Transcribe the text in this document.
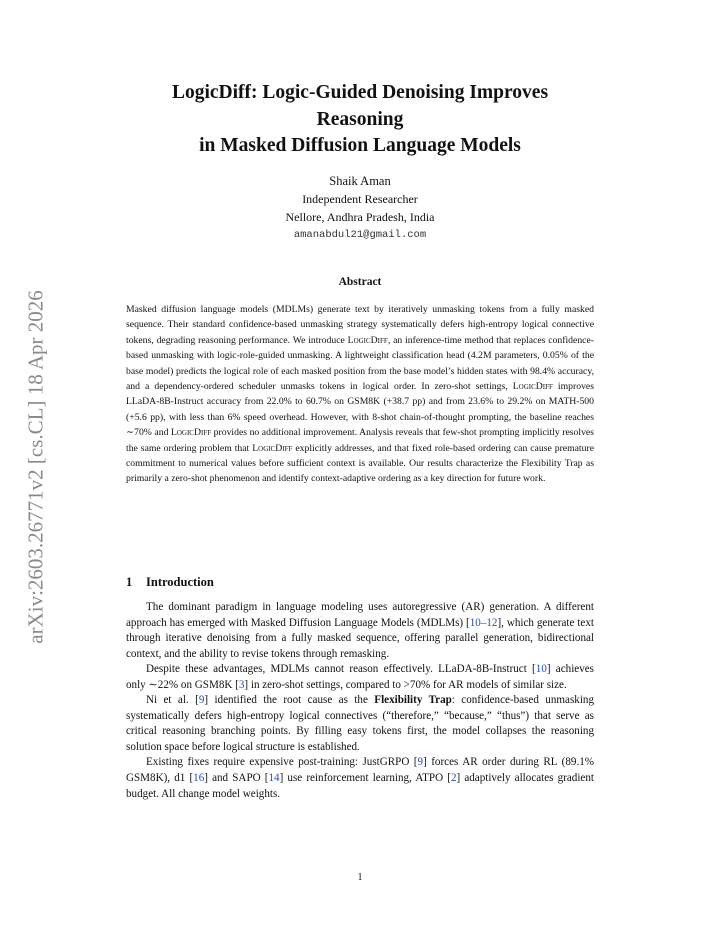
arXiv:2603.26771v2 [cs.CL] 18 Apr 2026
LogicDiff: Logic-Guided Denoising Improves
Reasoning
in Masked Diffusion Language Models
Shaik Aman
Independent Researcher
Nellore, Andhra Pradesh, India
amanabdul21@gmail.com
Abstract

Masked diffusion language models (MDLMs) generate text by iteratively unmasking tokens from a fully masked sequence. Their standard confidence-based unmasking strategy systematically defers high-entropy logical connective tokens, degrading reasoning performance. We introduce LogicDiff, an inference-time method that replaces confidence-based unmasking with logic-role-guided unmasking. A lightweight classification head (4.2M parameters, 0.05% of the base model) predicts the logical role of each masked position from the base model’s hidden states with 98.4% accuracy, and a dependency-ordered scheduler unmasks tokens in logical order. In zero-shot settings, LogicDiff improves LLaDA-8B-Instruct accuracy from 22.0% to 60.7% on GSM8K (+38.7 pp) and from 23.6% to 29.2% on MATH-500 (+5.6 pp), with less than 6% speed overhead. However, with 8-shot chain-of-thought prompting, the baseline reaches ∼70% and LogicDiff provides no additional improvement. Analysis reveals that few-shot prompting implicitly resolves the same ordering problem that LogicDiff explicitly addresses, and that fixed role-based ordering can cause premature commitment to numerical values before sufficient context is available. Our results characterize the Flexibility Trap as primarily a zero-shot phenomenon and identify context-adaptive ordering as a key direction for future work.

1 Introduction

The dominant paradigm in language modeling uses autoregressive (AR) generation. A different approach has emerged with Masked Diffusion Language Models (MDLMs) [10–12], which generate text through iterative denoising from a fully masked sequence, offering parallel generation, bidirectional context, and the ability to revise tokens through remasking.

Despite these advantages, MDLMs cannot reason effectively. LLaDA-8B-Instruct [10] achieves only ∼22% on GSM8K [3] in zero-shot settings, compared to >70% for AR models of similar size.

Ni et al. [9] identified the root cause as the Flexibility Trap: confidence-based unmasking systematically defers high-entropy logical connectives (“therefore,” “because,” “thus”) that serve as critical reasoning branching points. By filling easy tokens first, the model collapses the reasoning solution space before logical structure is established.

Existing fixes require expensive post-training: JustGRPO [9] forces AR order during RL (89.1% GSM8K), d1 [16] and SAPO [14] use reinforcement learning, ATPO [2] adaptively allocates gradient budget. All change model weights.

1
